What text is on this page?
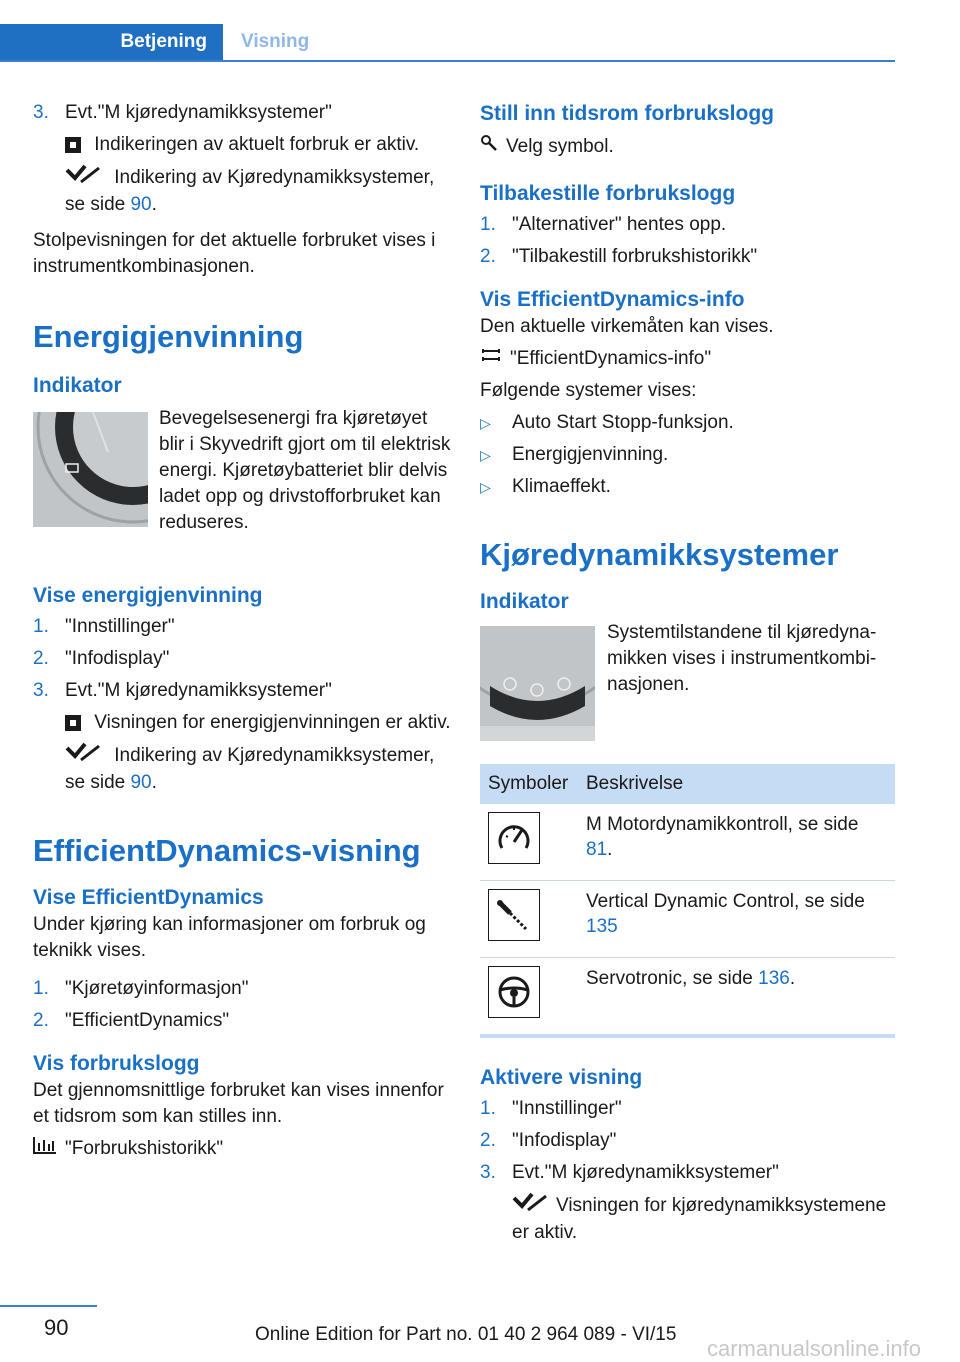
Betjening	Visning
3. Evt."M kjøredynamikksystemer"
Indikeringen av aktuelt forbruk er aktiv.
Indikering av Kjøredynamikksystemer,
se side 90.

Stolpevisningen for det aktuelle forbruket vises i instrumentkombinasjonen.

Energigjenvinning
Indikator

Bevegelsesenergi fra kjøretøyet blir i Skyvedrift gjort om til elektrisk energi. Kjøretøybatteriet blir delvis ladet opp og drivstofforbruket kan reduseres.

Vise energigjenvinning
1. "Innstillinger"
2. "Infodisplay"
3. Evt."M kjøredynamikksystemer"
Visningen for energigjenvinningen er aktiv.
Indikering av Kjøredynamikksystemer,
se side 90.
EfficientDynamics-visning
Vise EfficientDynamics

Under kjøring kan informasjoner om forbruk og teknikk vises.

1. "Kjøretøyinformasjon"
2. "EfficientDynamics"
Vis forbrukslogg

Det gjennomsnittlige forbruket kan vises innenfor et tidsrom som kan stilles inn.

"Forbrukshistorikk"

Still inn tidsrom forbrukslogg

Velg symbol.

Tilbakestille forbrukslogg
1. "Alternativer" hentes opp.
2. "Tilbakestill forbrukshistorikk"
Vis EfficientDynamics-info

Den aktuelle virkemåten kan vises.

"EfficientDynamics-info"

Følgende systemer vises:

▷ Auto Start Stopp-funksjon.
▷ Energigjenvinning.
▷ Klimaeffekt.
Kjøredynamikksystemer
Indikator

Systemtilstandene til kjøredynamikken vises i instrumentkombinasjonen.

Symboler	Beskrivelse

	M Motordynamikkontroll, se side 81.

	Vertical Dynamic Control, se side 135

	Servotronic, se side 136.
Aktivere visning
1. "Innstillinger"
2. "Infodisplay"
3. Evt."M kjøredynamikksystemer"
Visningen for kjøredynamikksystemene er aktiv.
90	Online Edition for Part no. 01 40 2 964 089 - VI/15
carmanualsonline.info
